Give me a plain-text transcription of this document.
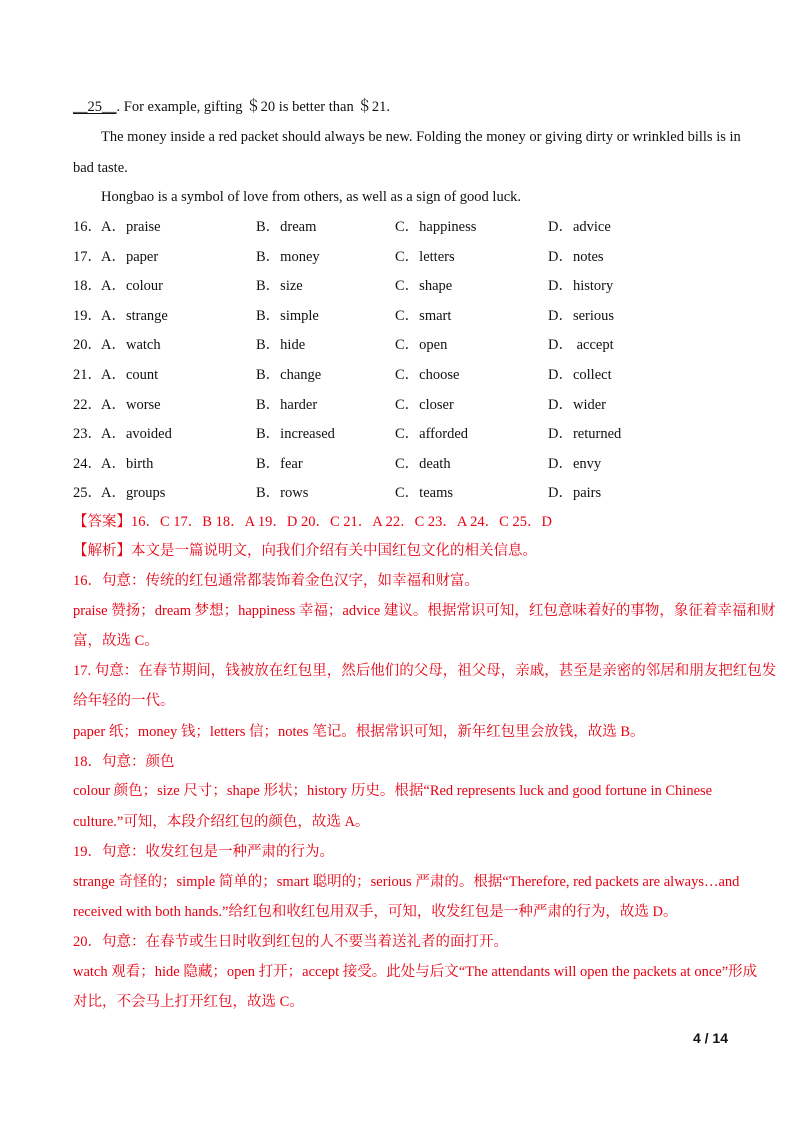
__25__. For example, gifting ＄20 is better than ＄21.
The money inside a red packet should always be new. Folding the money or giving dirty or wrinkled bills is in
bad taste.
Hongbao is a symbol of love from others, as well as a sign of good luck.
16． A．praise	B．dream	C．happiness	D．advice
17． A．paper	B．money	C．letters	D．notes
18． A．colour	B．size	C．shape	D．history
19． A．strange	B．simple	C．smart	D．serious
20． A．watch	B．hide	C．open	D． accept
21． A．count	B．change	C．choose	D．collect
22． A．worse	B．harder	C．closer	D．wider
23． A．avoided	B．increased	C．afforded	D．returned
24． A．birth	B．fear	C．death	D．envy
25． A．groups	B．rows	C．teams	D．pairs
【答案】16．C 17．B 18．A 19．D 20．C 21．A 22．C 23．A 24．C 25．D
【解析】本文是一篇说明文，向我们介绍有关中国红包文化的相关信息。
16．句意：传统的红包通常都装饰着金色汉字，如幸福和财富。
praise 赞扬；dream 梦想；happiness 幸福；advice 建议。根据常识可知，红包意味着好的事物，象征着幸福和财
富，故选 C。
17. 句意：在春节期间，钱被放在红包里，然后他们的父母，祖父母，亲戚，甚至是亲密的邻居和朋友把红包发
给年轻的一代。
paper 纸；money 钱；letters 信；notes 笔记。根据常识可知，新年红包里会放钱，故选 B。
18．句意：颜色
colour 颜色；size 尺寸；shape 形状；history 历史。根据“Red represents luck and good fortune in Chinese
culture.”可知，本段介绍红包的颜色，故选 A。
19．句意：收发红包是一种严肃的行为。
strange 奇怪的；simple 简单的；smart 聪明的；serious 严肃的。根据“Therefore, red packets are always…and
received with both hands.”给红包和收红包用双手，可知，收发红包是一种严肃的行为，故选 D。
20．句意：在春节或生日时收到红包的人不要当着送礼者的面打开。
watch 观看；hide 隐藏；open 打开；accept 接受。此处与后文“The attendants will open the packets at once”形成
对比，不会马上打开红包，故选 C。
4 / 14
